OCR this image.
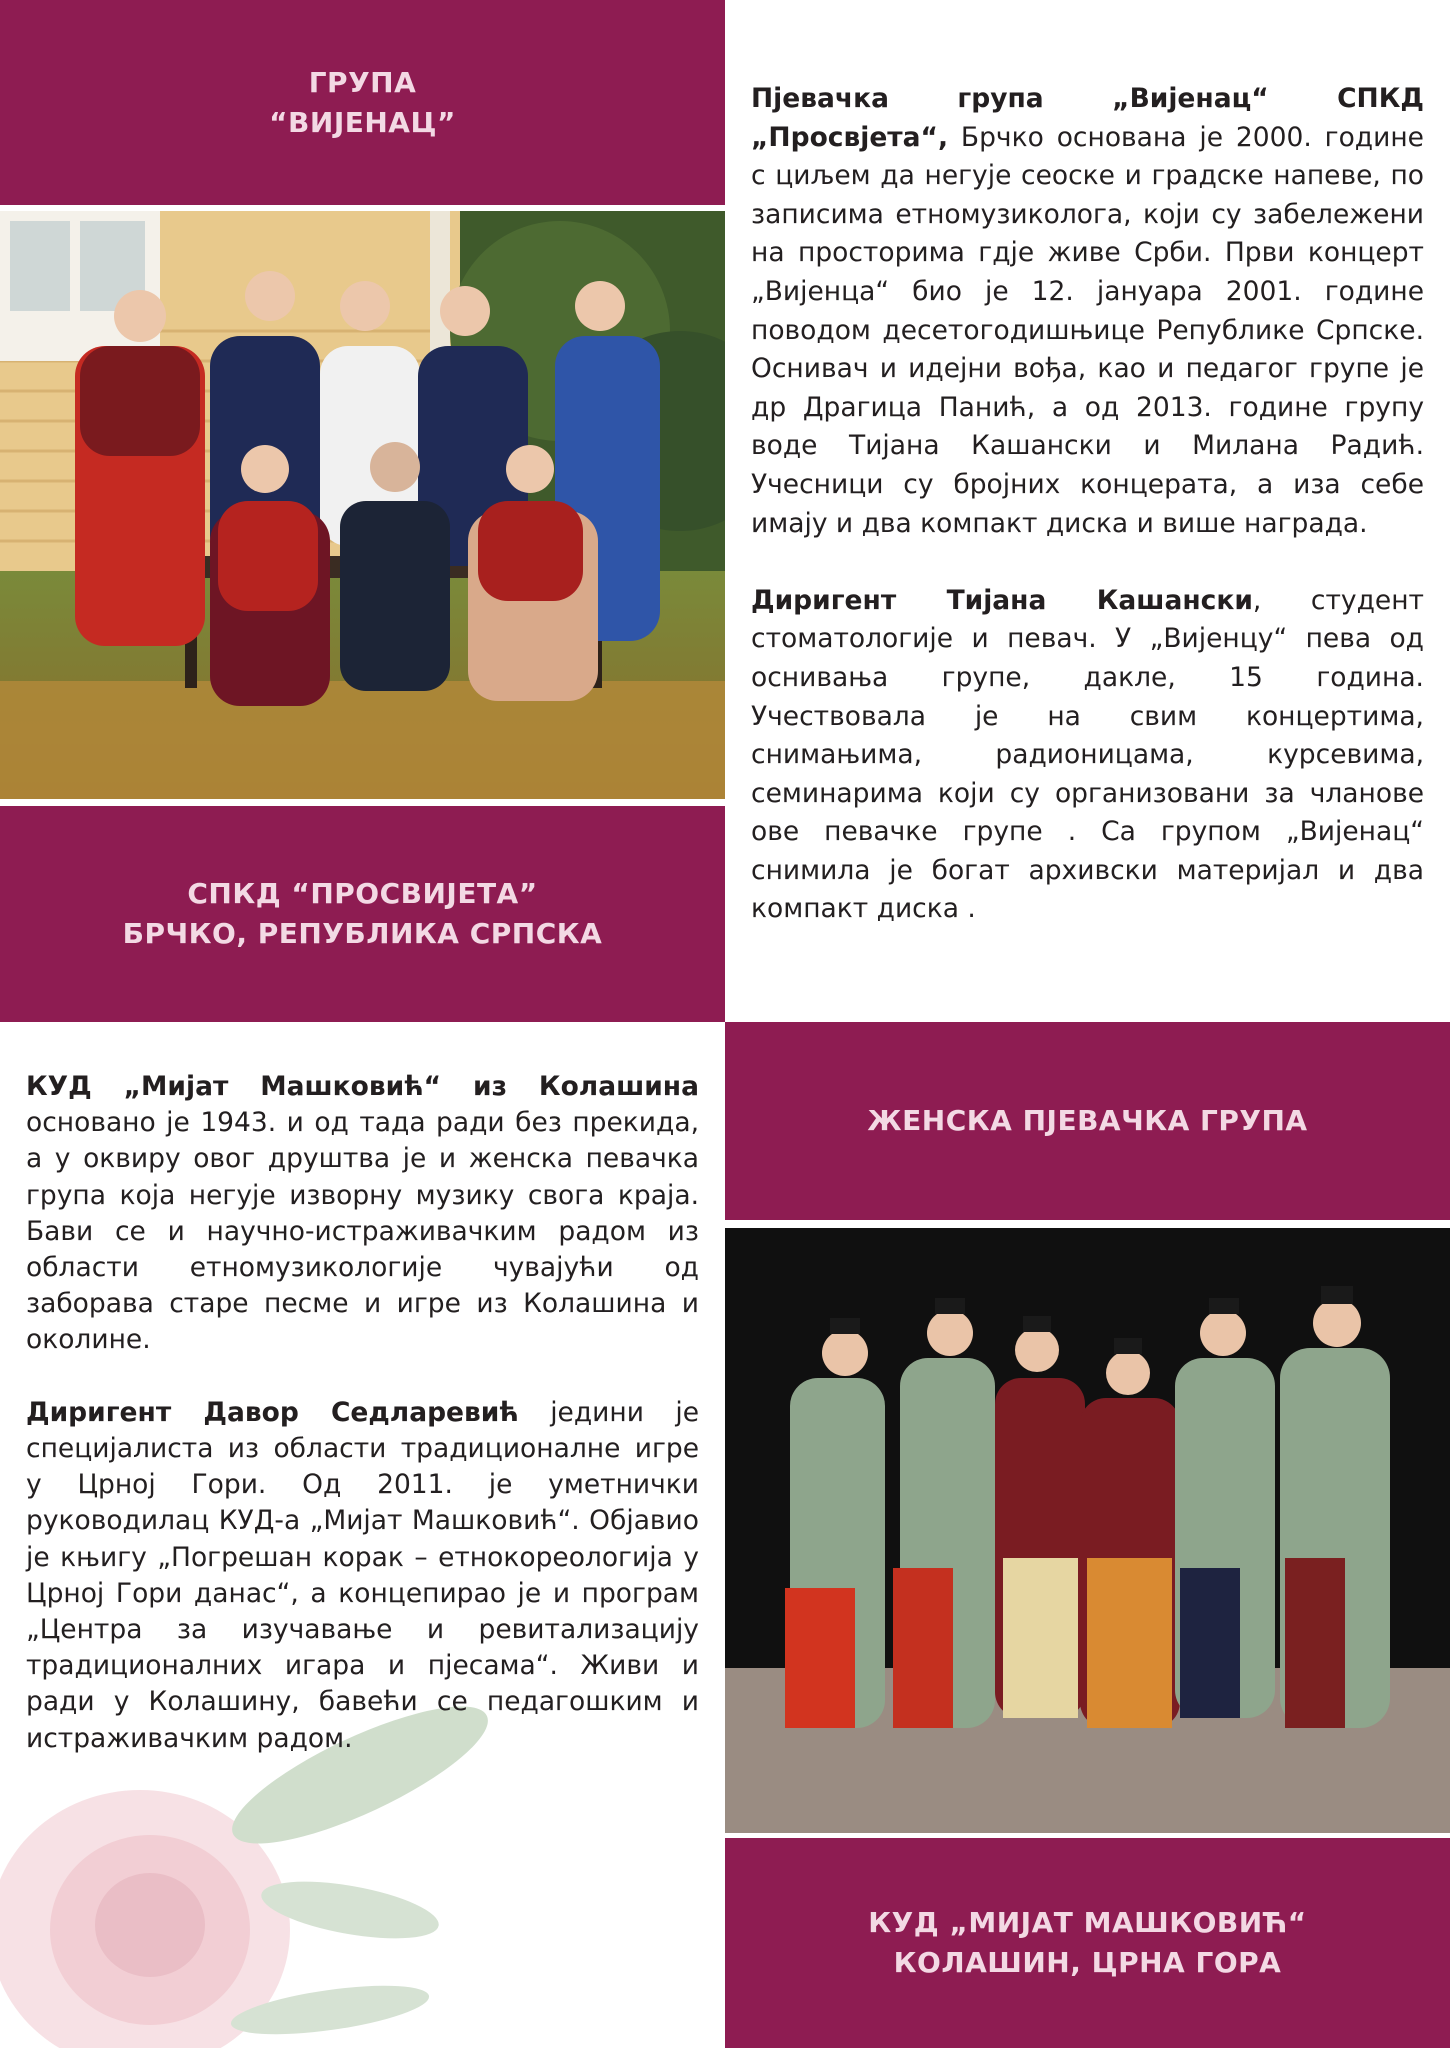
ГРУПА
“ВИЈЕНАЦ”
СПКД “ПРОСВИЈЕТА”
БРЧКО, РЕПУБЛИКА СРПСКА

Пјевачка група „Вијенац“ СПКД „Просвјета“, Брчко основана је 2000. године с циљем да негује сеоске и градске напеве, по записима етномузиколога, који су забележени на просторима гдје живе Срби. Први концерт „Вијенца“ био је 12. јануара 2001. године поводом десетогодишњице Републике Српске. Оснивач и идејни вођа, као и педагог групе је др Драгица Панић, а од 2013. године групу воде Тијана Кашански и Милана Радић. Учесници су бројних концерата, а иза себе имају и два компакт диска и више награда.

Диригент Тијана Кашански, студент стоматологије и певач. У „Вијенцу“ пева од оснивања групе, дакле, 15 година. Учествовала је на свим концертима, снимањима, радионицама, курсевима, семинарима који су организовани за чланове ове певачке групе . Са групом „Вијенац“ снимила је богат архивски материјал и два компакт диска .

ЖЕНСКА ПЈЕВАЧКА ГРУПА
КУД „МИЈАТ МАШКОВИЋ“
КОЛАШИН, ЦРНА ГОРА

КУД „Мијат Машковић“ из Колашина основано је 1943. и од тада ради без прекида, а у оквиру овог друштва је и женска певачка група која негује изворну музику свога краја. Бави се и научно-истраживачким радом из области етномузикологије чувајући од заборава старе песме и игре из Колашина и околине.

Диригент Давор Седларевић једини је специјалиста из области традиционалне игре у Црној Гори. Од 2011. је уметнички руководилац КУД-а „Мијат Машковић“. Објавио је књигу „Погрешан корак – етнокореологија у Црној Гори данас“, а концепирао је и програм „Центра за изучавање и ревитализацију традиционалних игара и пјесама“. Живи и ради у Колашину, бавећи се педагошким и истраживачким радом.
